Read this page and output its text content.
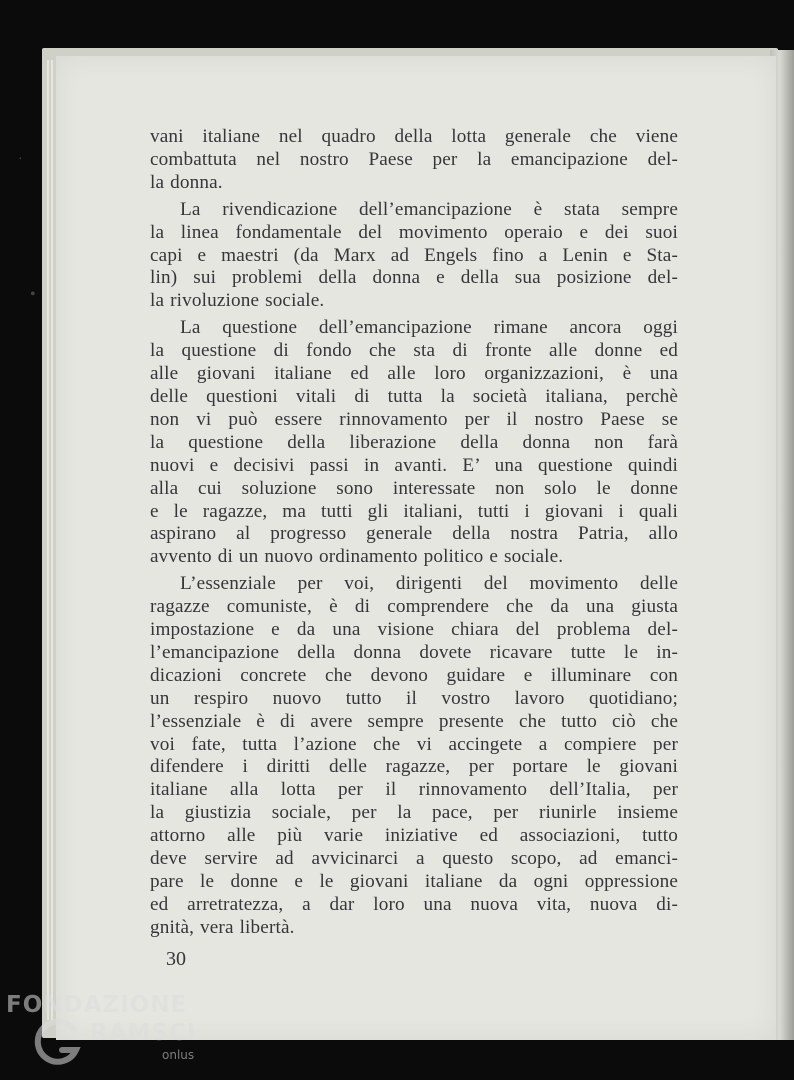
vani italiane nel quadro della lotta generale che viene
combattuta nel nostro Paese per la emancipazione del-
la donna.

La rivendicazione dell’emancipazione è stata sempre
la linea fondamentale del movimento operaio e dei suoi
capi e maestri (da Marx ad Engels fino a Lenin e Sta-
lin) sui problemi della donna e della sua posizione del-
la rivoluzione sociale.

La questione dell’emancipazione rimane ancora oggi
la questione di fondo che sta di fronte alle donne ed
alle giovani italiane ed alle loro organizzazioni, è una
delle questioni vitali di tutta la società italiana, perchè
non vi può essere rinnovamento per il nostro Paese se
la questione della liberazione della donna non farà
nuovi e decisivi passi in avanti. E’ una questione quindi
alla cui soluzione sono interessate non solo le donne
e le ragazze, ma tutti gli italiani, tutti i giovani i quali
aspirano al progresso generale della nostra Patria, allo
avvento di un nuovo ordinamento politico e sociale.

L’essenziale per voi, dirigenti del movimento delle
ragazze comuniste, è di comprendere che da una giusta
impostazione e da una visione chiara del problema del-
l’emancipazione della donna dovete ricavare tutte le in-
dicazioni concrete che devono guidare e illuminare con
un respiro nuovo tutto il vostro lavoro quotidiano;
l’essenziale è di avere sempre presente che tutto ciò che
voi fate, tutta l’azione che vi accingete a compiere per
difendere i diritti delle ragazze, per portare le giovani
italiane alla lotta per il rinnovamento dell’Italia, per
la giustizia sociale, per la pace, per riunirle insieme
attorno alle più varie iniziative ed associazioni, tutto
deve servire ad avvicinarci a questo scopo, ad emanci-
pare le donne e le giovani italiane da ogni oppressione
ed arretratezza, a dar loro una nuova vita, nuova di-
gnità, vera libertà.

30
·
•
FONDAZIONE
RAMSCI
onlus
